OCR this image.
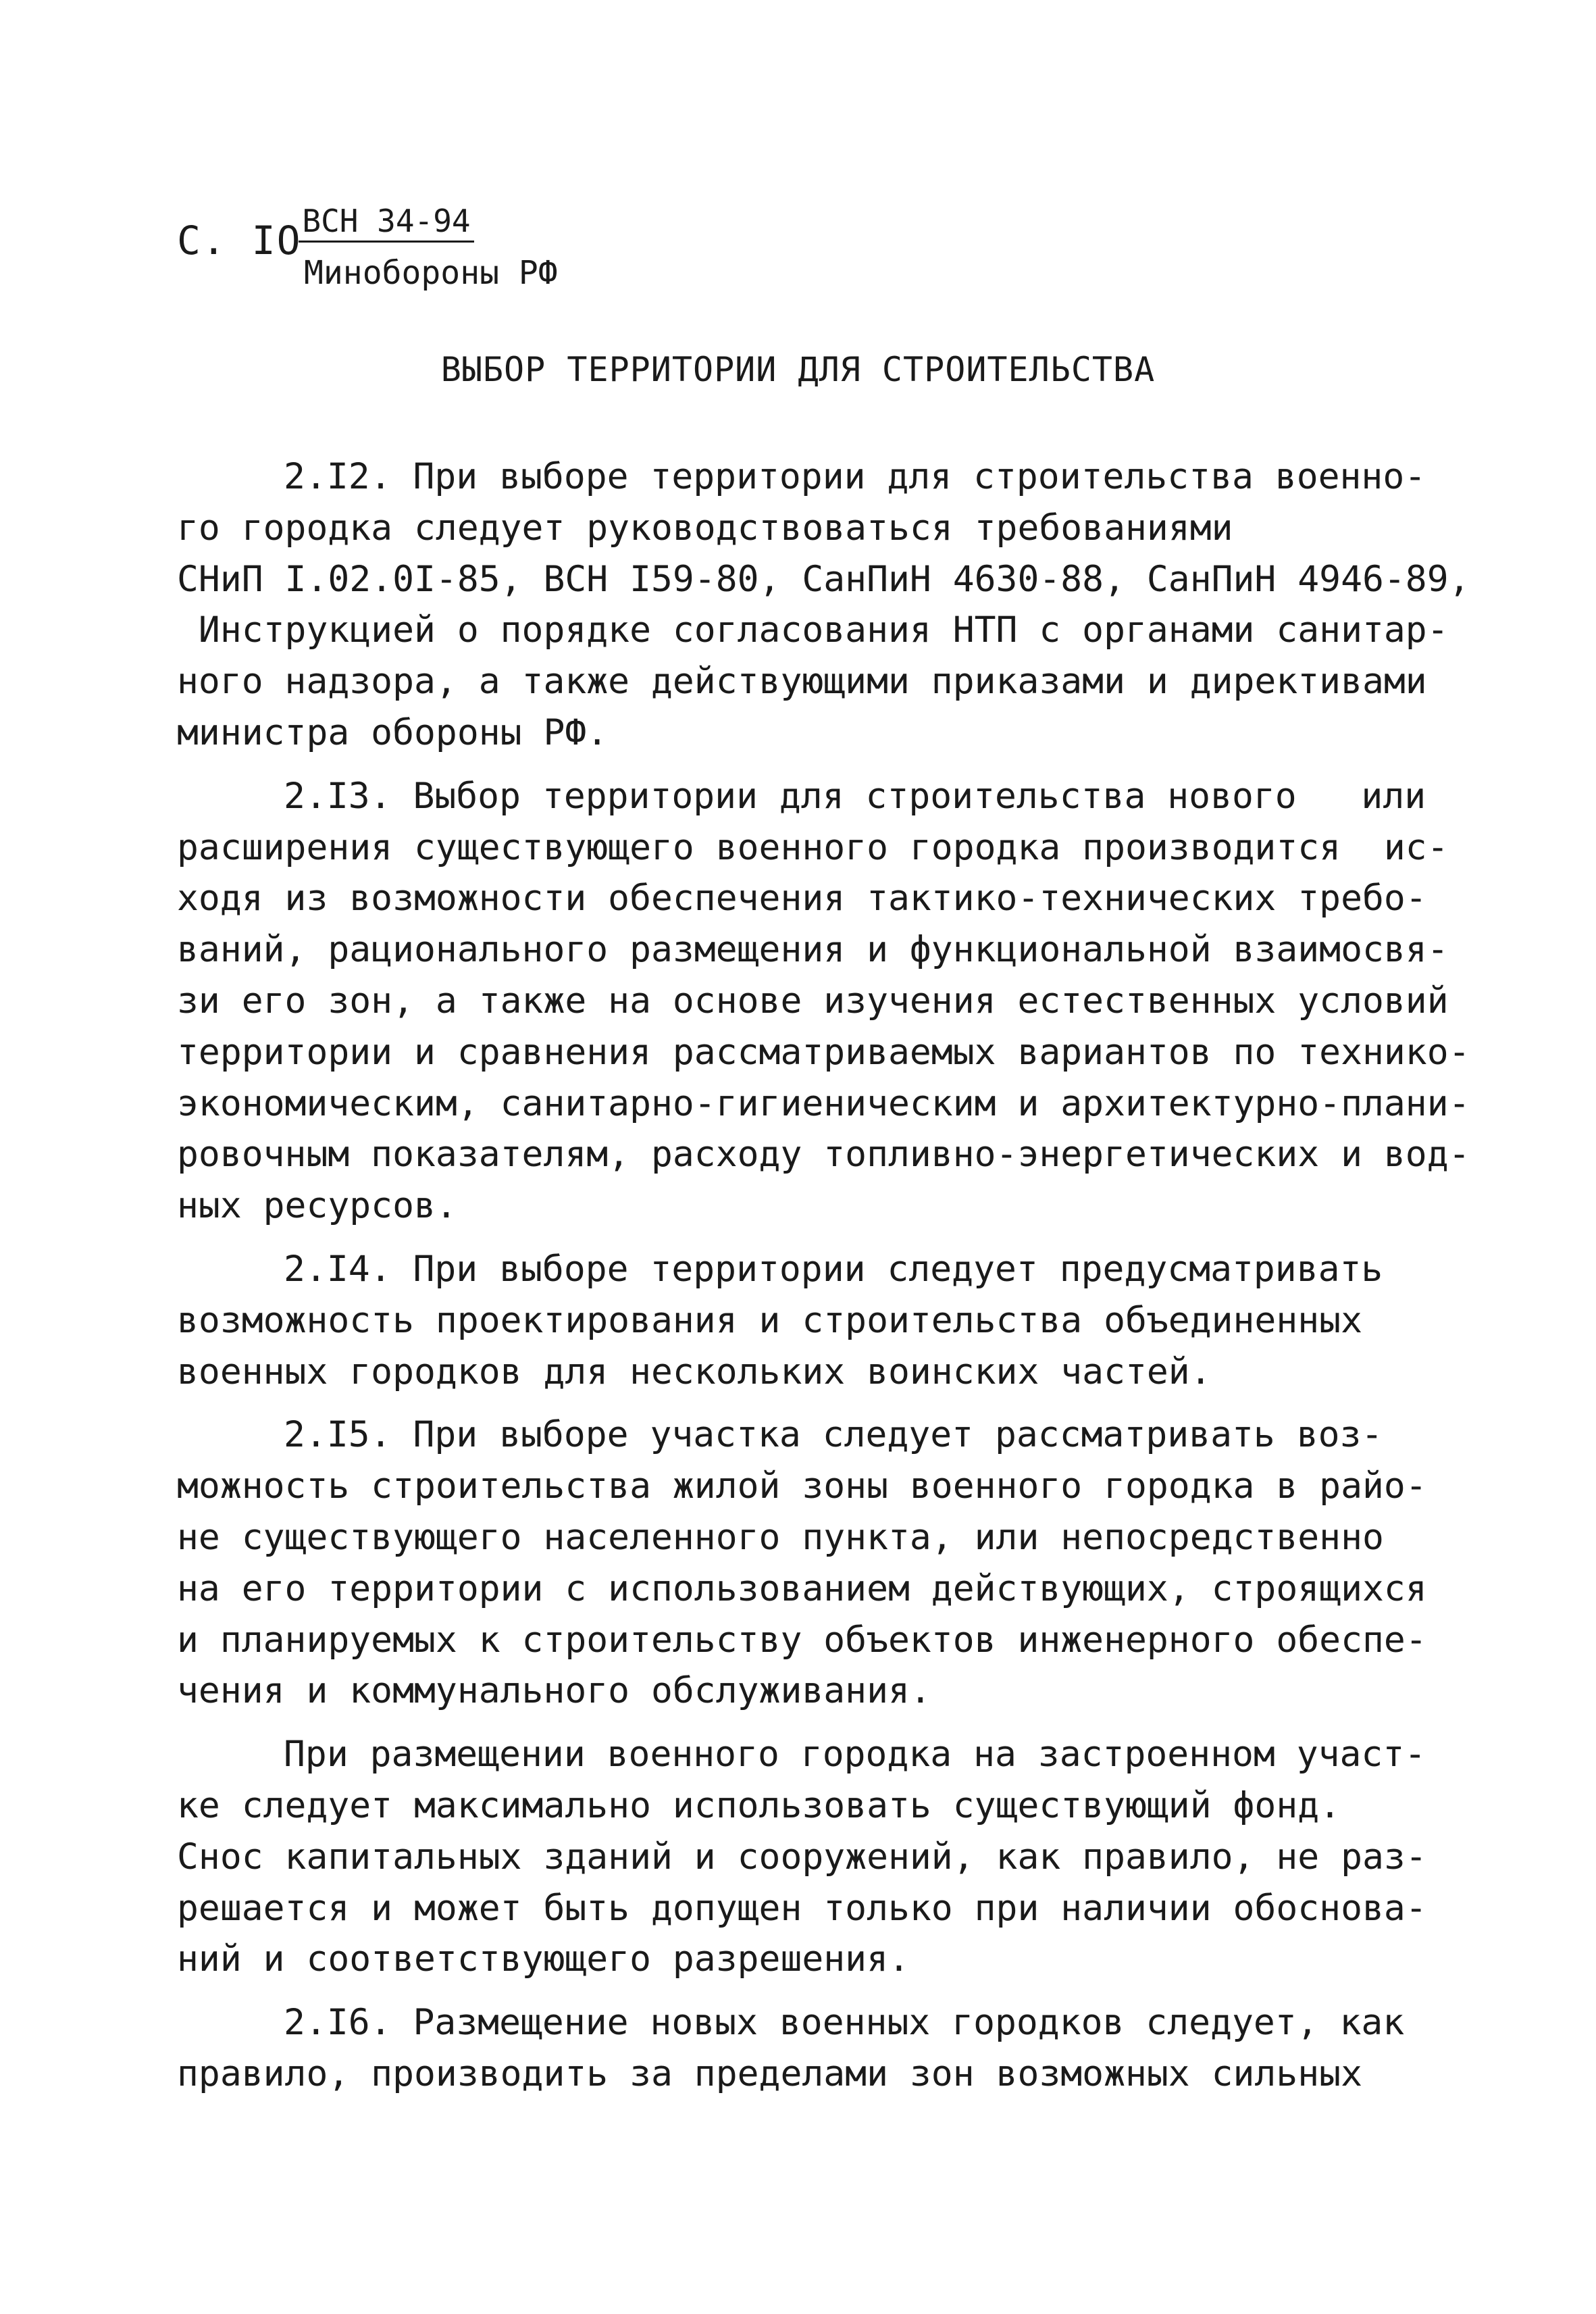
С. IO ВСН 34-94
Минобороны РФ
ВЫБОР ТЕРРИТОРИИ ДЛЯ СТРОИТЕЛЬСТВА
2.I2. При выборе территории для строительства военно-
го городка следует руководствоваться требованиями
СНиП I.02.0I-85, ВСН I59-80, СанПиН 4630-88, СанПиН 4946-89,
Инструкцией о порядке согласования НТП с органами санитар-
ного надзора, а также действующими приказами и директивами
министра обороны РФ.
2.I3. Выбор территории для строительства нового   или
расширения существующего военного городка производится  ис-
ходя из возможности обеспечения тактико-технических требо-
ваний, рационального размещения и функциональной взаимосвя-
зи его зон, а также на основе изучения естественных условий
территории и сравнения рассматриваемых вариантов по технико-
экономическим, санитарно-гигиеническим и архитектурно-плани-
ровочным показателям, расходу топливно-энергетических и вод-
ных ресурсов.
2.I4. При выборе территории следует предусматривать
возможность проектирования и строительства объединенных
военных городков для нескольких воинских частей.
2.I5. При выборе участка следует рассматривать воз-
можность строительства жилой зоны военного городка в райо-
не существующего населенного пункта, или непосредственно
на его территории с использованием действующих, строящихся
и планируемых к строительству объектов инженерного обеспе-
чения и коммунального обслуживания.
При размещении военного городка на застроенном участ-
ке следует максимально использовать существующий фонд.
Снос капитальных зданий и сооружений, как правило, не раз-
решается и может быть допущен только при наличии обоснова-
ний и соответствующего разрешения.
2.I6. Размещение новых военных городков следует, как
правило, производить за пределами зон возможных сильных
